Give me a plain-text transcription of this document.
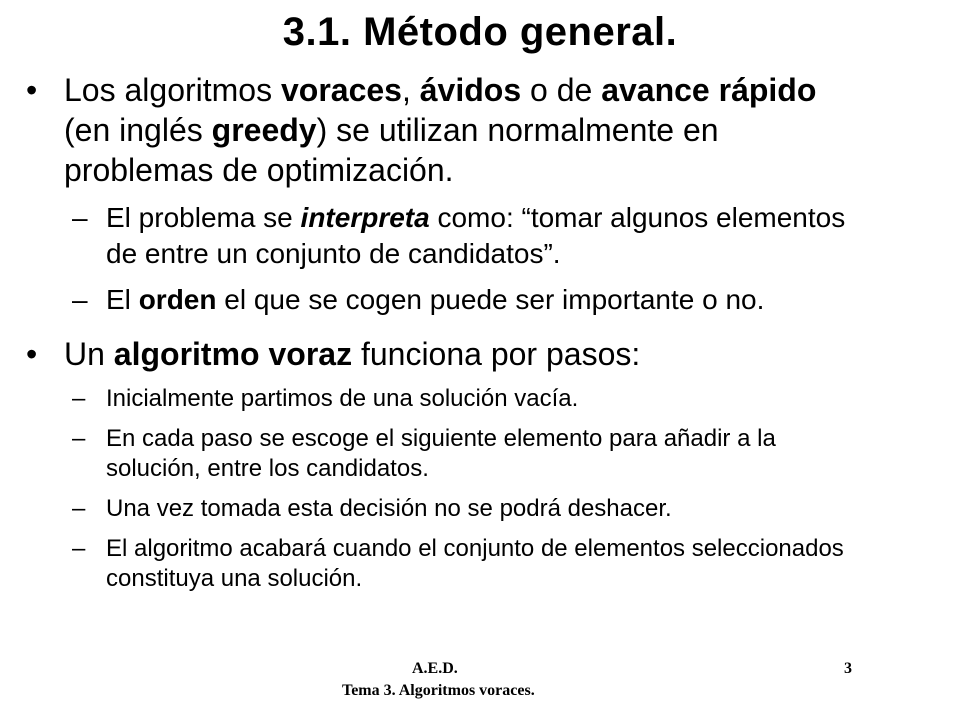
3.1. Método general.
• Los algoritmos voraces, ávidos o de avance rápido (en inglés greedy) se utilizan normalmente en problemas de optimización.
– El problema se interpreta como: “tomar algunos elementos de entre un conjunto de candidatos”.
– El orden el que se cogen puede ser importante o no.
• Un algoritmo voraz funciona por pasos:
– Inicialmente partimos de una solución vacía.
– En cada paso se escoge el siguiente elemento para añadir a la solución, entre los candidatos.
– Una vez tomada esta decisión no se podrá deshacer.
– El algoritmo acabará cuando el conjunto de elementos seleccionados constituya una solución.
A.E.D.	3
Tema 3. Algoritmos voraces.
